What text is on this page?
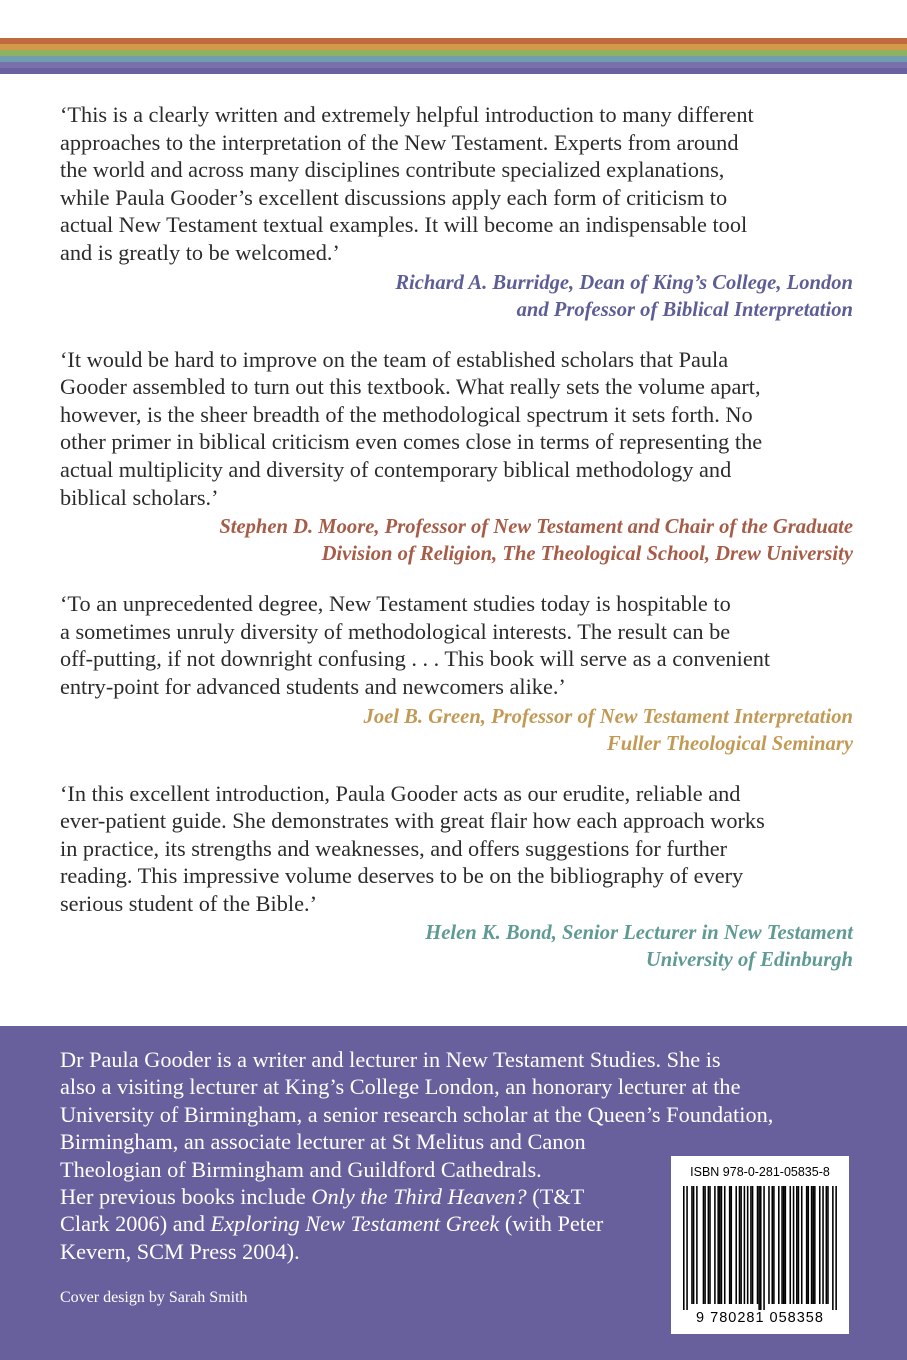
‘This is a clearly written and extremely helpful introduction to many different
approaches to the interpretation of the New Testament. Experts from around
the world and across many disciplines contribute specialized explanations,
while Paula Gooder’s excellent discussions apply each form of criticism to
actual New Testament textual examples. It will become an indispensable tool
and is greatly to be welcomed.’

Richard A. Burridge, Dean of King’s College, London
and Professor of Biblical Interpretation

‘It would be hard to improve on the team of established scholars that Paula
Gooder assembled to turn out this textbook. What really sets the volume apart,
however, is the sheer breadth of the methodological spectrum it sets forth. No
other primer in biblical criticism even comes close in terms of representing the
actual multiplicity and diversity of contemporary biblical methodology and
biblical scholars.’

Stephen D. Moore, Professor of New Testament and Chair of the Graduate
Division of Religion, The Theological School, Drew University

‘To an unprecedented degree, New Testament studies today is hospitable to
a sometimes unruly diversity of methodological interests. The result can be
off-putting, if not downright confusing . . . This book will serve as a convenient
entry-point for advanced students and newcomers alike.’

Joel B. Green, Professor of New Testament Interpretation
Fuller Theological Seminary

‘In this excellent introduction, Paula Gooder acts as our erudite, reliable and
ever-patient guide. She demonstrates with great flair how each approach works
in practice, its strengths and weaknesses, and offers suggestions for further
reading. This impressive volume deserves to be on the bibliography of every
serious student of the Bible.’

Helen K. Bond, Senior Lecturer in New Testament
University of Edinburgh
Dr Paula Gooder is a writer and lecturer in New Testament Studies. She is
also a visiting lecturer at King’s College London, an honorary lecturer at the
University of Birmingham, a senior research scholar at the Queen’s Foundation,
Birmingham, an associate lecturer at St Melitus and Canon
Theologian of Birmingham and Guildford Cathedrals.
Her previous books include Only the Third Heaven? (T&T
Clark 2006) and Exploring New Testament Greek (with Peter
Kevern, SCM Press 2004).
Cover design by Sarah Smith
ISBN 978-0-281-05835-8
9 780281 058358
